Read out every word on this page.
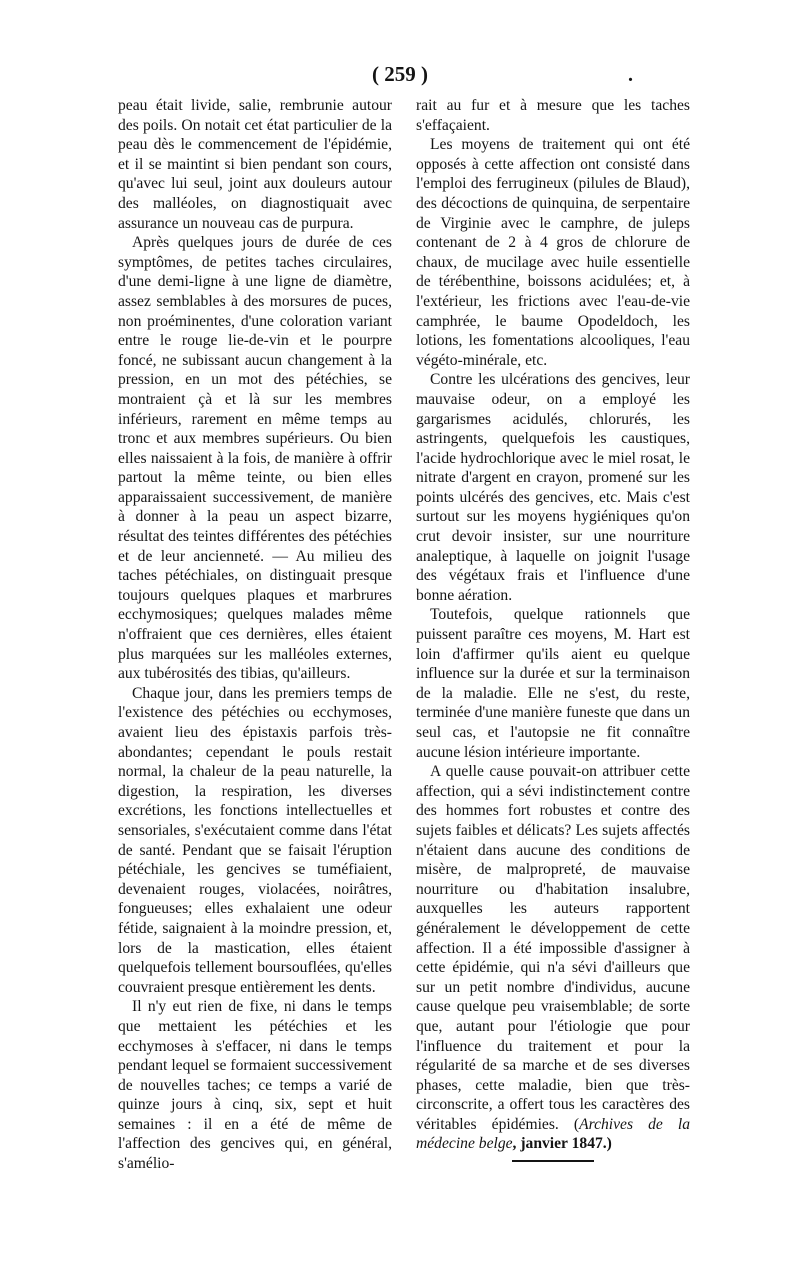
( 259 )	.

peau était livide, salie, rembrunie autour des poils. On notait cet état particulier de la peau dès le commencement de l'épidémie, et il se maintint si bien pendant son cours, qu'avec lui seul, joint aux douleurs autour des malléoles, on diagnostiquait avec assurance un nouveau cas de purpura.

Après quelques jours de durée de ces symptômes, de petites taches circulaires, d'une demi-ligne à une ligne de diamètre, assez semblables à des morsures de puces, non proéminentes, d'une coloration variant entre le rouge lie-de-vin et le pourpre foncé, ne subissant aucun changement à la pression, en un mot des pétéchies, se montraient çà et là sur les membres inférieurs, rarement en même temps au tronc et aux membres supérieurs. Ou bien elles naissaient à la fois, de manière à offrir partout la même teinte, ou bien elles apparaissaient successivement, de manière à donner à la peau un aspect bizarre, résultat des teintes différentes des pétéchies et de leur ancienneté. — Au milieu des taches pétéchiales, on distinguait presque toujours quelques plaques et marbrures ecchymosiques; quelques malades même n'offraient que ces dernières, elles étaient plus marquées sur les malléoles externes, aux tubérosités des tibias, qu'ailleurs.

Chaque jour, dans les premiers temps de l'existence des pétéchies ou ecchymoses, avaient lieu des épistaxis parfois très-abondantes; cependant le pouls restait normal, la chaleur de la peau naturelle, la digestion, la respiration, les diverses excrétions, les fonctions intellectuelles et sensoriales, s'exécutaient comme dans l'état de santé. Pendant que se faisait l'éruption pétéchiale, les gencives se tuméfiaient, devenaient rouges, violacées, noirâtres, fongueuses; elles exhalaient une odeur fétide, saignaient à la moindre pression, et, lors de la mastication, elles étaient quelquefois tellement boursouflées, qu'elles couvraient presque entièrement les dents.

Il n'y eut rien de fixe, ni dans le temps que mettaient les pétéchies et les ecchymoses à s'effacer, ni dans le temps pendant lequel se formaient successivement de nouvelles taches; ce temps a varié de quinze jours à cinq, six, sept et huit semaines : il en a été de même de l'affection des gencives qui, en général, s'amélio-

rait au fur et à mesure que les taches s'effaçaient.

Les moyens de traitement qui ont été opposés à cette affection ont consisté dans l'emploi des ferrugineux (pilules de Blaud), des décoctions de quinquina, de serpentaire de Virginie avec le camphre, de juleps contenant de 2 à 4 gros de chlorure de chaux, de mucilage avec huile essentielle de térébenthine, boissons acidulées; et, à l'extérieur, les frictions avec l'eau-de-vie camphrée, le baume Opodeldoch, les lotions, les fomentations alcooliques, l'eau végéto-minérale, etc.

Contre les ulcérations des gencives, leur mauvaise odeur, on a employé les gargarismes acidulés, chlorurés, les astringents, quelquefois les caustiques, l'acide hydrochlorique avec le miel rosat, le nitrate d'argent en crayon, promené sur les points ulcérés des gencives, etc. Mais c'est surtout sur les moyens hygiéniques qu'on crut devoir insister, sur une nourriture analeptique, à laquelle on joignit l'usage des végétaux frais et l'influence d'une bonne aération.

Toutefois, quelque rationnels que puissent paraître ces moyens, M. Hart est loin d'affirmer qu'ils aient eu quelque influence sur la durée et sur la terminaison de la maladie. Elle ne s'est, du reste, terminée d'une manière funeste que dans un seul cas, et l'autopsie ne fit connaître aucune lésion intérieure importante.

A quelle cause pouvait-on attribuer cette affection, qui a sévi indistinctement contre des hommes fort robustes et contre des sujets faibles et délicats? Les sujets affectés n'étaient dans aucune des conditions de misère, de malpropreté, de mauvaise nourriture ou d'habitation insalubre, auxquelles les auteurs rapportent généralement le développement de cette affection. Il a été impossible d'assigner à cette épidémie, qui n'a sévi d'ailleurs que sur un petit nombre d'individus, aucune cause quelque peu vraisemblable; de sorte que, autant pour l'étiologie que pour l'influence du traitement et pour la régularité de sa marche et de ses diverses phases, cette maladie, bien que très-circonscrite, a offert tous les caractères des véritables épidémies. (Archives de la médecine belge, janvier 1847.)
